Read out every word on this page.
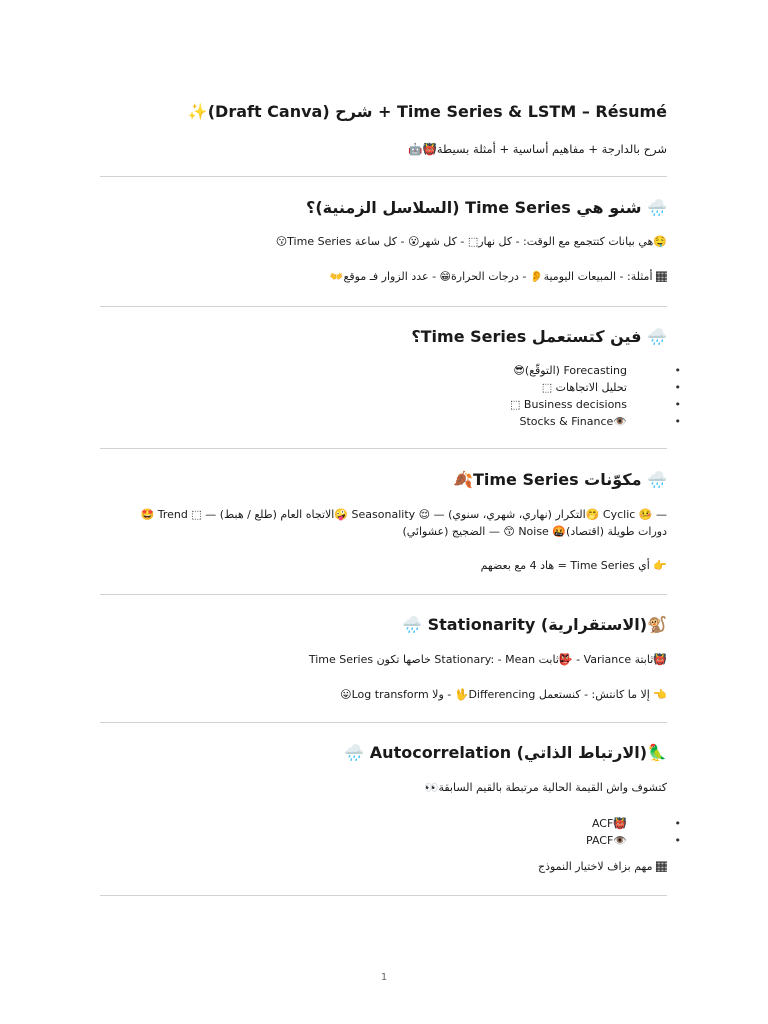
✨(Draft Canva) شرح + Time Series & LSTM – Résumé
شرح بالدارجة + مفاهيم أساسية + أمثلة بسيطة👹🤖
🌧️ شنو هي Time Series (السلاسل الزمنية)؟
😗Time Series هي بيانات كتتجمع مع الوقت: - كل نهار⬚ - كل شهر😮 - كل ساعة🤤
🏾 أمثلة: - المبيعات اليومية👂 - درجات الحرارة😁 - عدد الزوار فـ موقع👐
🌧️ فين كتستعمل Time Series؟
Forecasting (التوقّع)😎 •
تحليل الاتجاهات ⬚ •
Business decisions ⬚ •
👁️Stocks & Finance •
🌧️ مكوّنات Time Series🍂
🤩 Trend ⬚ — الاتجاه العام (طلع / هبط)🤪 Seasonality 😌 — التكرار (نهاري، شهري، سنوي)🤭 Cyclic 🤒 —
دورات طويلة (اقتصاد)🤬 Noise 😙 — الضجيج (عشوائي)
👉 أي Time Series = هاد 4 مع بعضهم
🌧️ Stationarity (الاستقرارية)🐒
Time Series خاصها تكون Stationary: - Mean ثابت👺 - Variance ثابتة👹
👈 إلا ما كانتش: - كنستعمل Differencing🖖 - ولا Log transform😛
🌧️ Autocorrelation (الارتباط الذاتي)🦜
كتشوف واش القيمة الحالية مرتبطة بالقيم السابقة👀
👹ACF •
👁️PACF •
🏾 مهم بزاف لاختيار النموذج
1
